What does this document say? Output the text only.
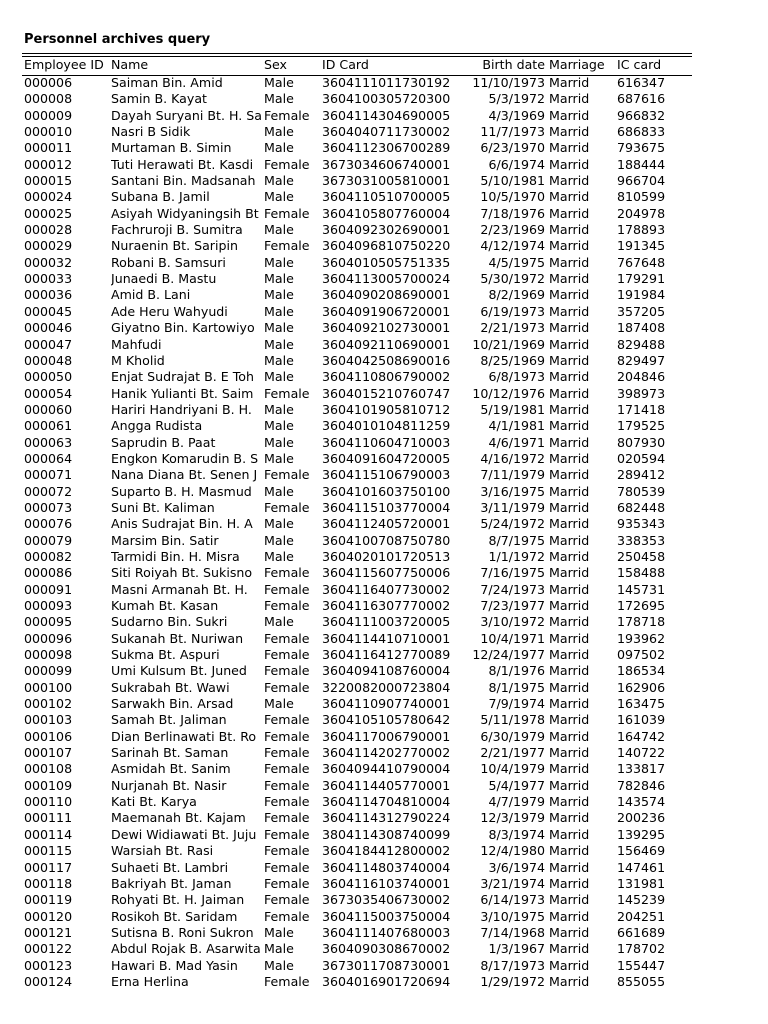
Personnel archives query
Employee ID Name	Sex	ID Card	Birth date Marriage IC card
000006	Saiman Bin. Amid	Male	3604111011730192	11/10/1973 Marrid	616347
000008	Samin B. Kayat	Male	3604100305720300	5/3/1972 Marrid	687616
000009	Dayah Suryani Bt. H. Sa Female 3604114304690005	4/3/1969 Marrid	966832
000010	Nasri B Sidik	Male	3604040711730002	11/7/1973 Marrid	686833
000011	Murtaman B. Simin	Male	3604112306700289	6/23/1970 Marrid	793675
000012	Tuti Herawati Bt. Kasdi Female 3673034606740001	6/6/1974 Marrid	188444
000015	Santani Bin. Madsanah Male	3673031005810001	5/10/1981 Marrid	966704
000024	Subana B. Jamil	Male	3604110510700005	10/5/1970 Marrid	810599
000025	Asiyah Widyaningsih Bt Female 3604105807760004	7/18/1976 Marrid	204978
000028	Fachruroji B. Sumitra	Male	3604092302690001	2/23/1969 Marrid	178893
000029	Nuraenin Bt. Saripin	Female 3604096810750220	4/12/1974 Marrid	191345
000032	Robani B. Samsuri	Male	3604010505751335	4/5/1975 Marrid	767648
000033	Junaedi B. Mastu	Male	3604113005700024	5/30/1972 Marrid	179291
000036	Amid B. Lani	Male	3604090208690001	8/2/1969 Marrid	191984
000045	Ade Heru Wahyudi	Male	3604091906720001	6/19/1973 Marrid	357205
000046	Giyatno Bin. Kartowiyo Male	3604092102730001	2/21/1973 Marrid	187408
000047	Mahfudi	Male	3604092110690001	10/21/1969 Marrid	829488
000048	M Kholid	Male	3604042508690016	8/25/1969 Marrid	829497
000050	Enjat Sudrajat B. E Toh Male	3604110806790002	6/8/1973 Marrid	204846
000054	Hanik Yulianti Bt. Saim Female 3604015210760747	10/12/1976 Marrid	398973
000060	Hariri Handriyani B. H. Male	3604101905810712	5/19/1981 Marrid	171418
000061	Angga Rudista	Male	3604010104811259	4/1/1981 Marrid	179525
000063	Saprudin B. Paat	Male	3604110604710003	4/6/1971 Marrid	807930
000064	Engkon Komarudin B. S Male	3604091604720005	4/16/1972 Marrid	020594
000071	Nana Diana Bt. Senen J Female 3604115106790003	7/11/1979 Marrid	289412
000072	Suparto B. H. Masmud Male	3604101603750100	3/16/1975 Marrid	780539
000073	Suni Bt. Kaliman	Female 3604115103770004	3/11/1979 Marrid	682448
000076	Anis Sudrajat Bin. H. A Male	3604112405720001	5/24/1972 Marrid	935343
000079	Marsim Bin. Satir	Male	3604100708750780	8/7/1975 Marrid	338353
000082	Tarmidi Bin. H. Misra	Male	3604020101720513	1/1/1972 Marrid	250458
000086	Siti Roiyah Bt. Sukisno Female 3604115607750006	7/16/1975 Marrid	158488
000091	Masni Armanah Bt. H.	Female 3604116407730002	7/24/1973 Marrid	145731
000093	Kumah Bt. Kasan	Female 3604116307770002	7/23/1977 Marrid	172695
000095	Sudarno Bin. Sukri	Male	3604111003720005	3/10/1972 Marrid	178718
000096	Sukanah Bt. Nuriwan	Female 3604114410710001	10/4/1971 Marrid	193962
000098	Sukma Bt. Aspuri	Female 3604116412770089	12/24/1977 Marrid	097502
000099	Umi Kulsum Bt. Juned	Female 3604094108760004	8/1/1976 Marrid	186534
000100	Sukrabah Bt. Wawi	Female 3220082000723804	8/1/1975 Marrid	162906
000102	Sarwakh Bin. Arsad	Male	3604110907740001	7/9/1974 Marrid	163475
000103	Samah Bt. Jaliman	Female 3604105105780642	5/11/1978 Marrid	161039
000106	Dian Berlinawati Bt. Ro Female 3604117006790001	6/30/1979 Marrid	164742
000107	Sarinah Bt. Saman	Female 3604114202770002	2/21/1977 Marrid	140722
000108	Asmidah Bt. Sanim	Female 3604094410790004	10/4/1979 Marrid	133817
000109	Nurjanah Bt. Nasir	Female 3604114405770001	5/4/1977 Marrid	782846
000110	Kati Bt. Karya	Female 3604114704810004	4/7/1979 Marrid	143574
000111	Maemanah Bt. Kajam	Female 3604114312790224	12/3/1979 Marrid	200236
000114	Dewi Widiawati Bt. Juju Female 3804114308740099	8/3/1974 Marrid	139295
000115	Warsiah Bt. Rasi	Female 3604184412800002	12/4/1980 Marrid	156469
000117	Suhaeti Bt. Lambri	Female 3604114803740004	3/6/1974 Marrid	147461
000118	Bakriyah Bt. Jaman	Female 3604116103740001	3/21/1974 Marrid	131981
000119	Rohyati Bt. H. Jaiman	Female 3673035406730002	6/14/1973 Marrid	145239
000120	Rosikoh Bt. Saridam	Female 3604115003750004	3/10/1975 Marrid	204251
000121	Sutisna B. Roni Sukron Male	3604111407680003	7/14/1968 Marrid	661689
000122	Abdul Rojak B. Asarwita Male	3604090308670002	1/3/1967 Marrid	178702
000123	Hawari B. Mad Yasin	Male	3673011708730001	8/17/1973 Marrid	155447
000124	Erna Herlina	Female 3604016901720694	1/29/1972 Marrid	855055
